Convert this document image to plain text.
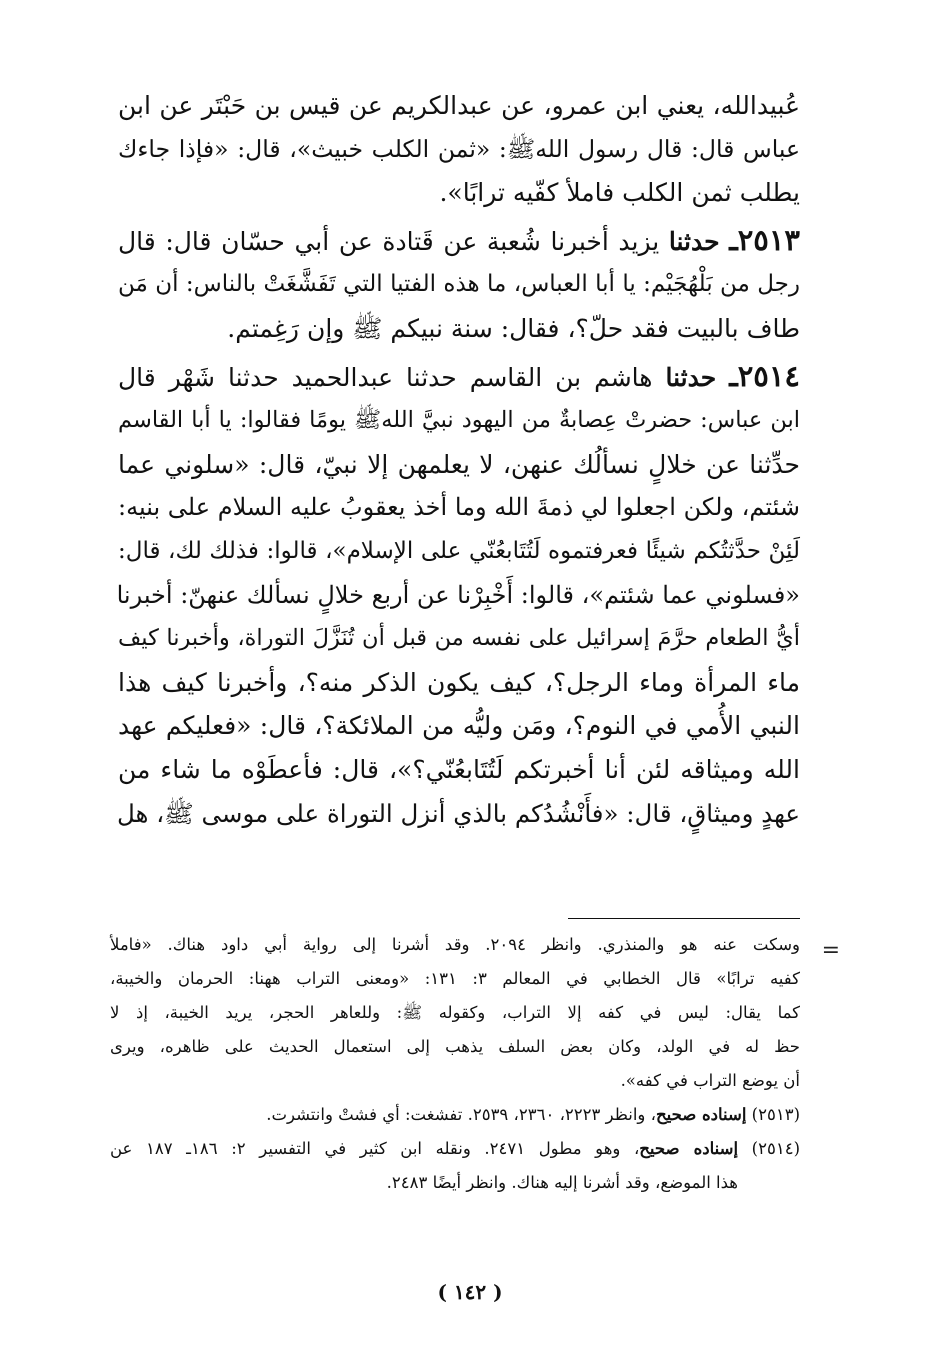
عُبيدالله، يعني ابن عمرو، عن عبدالكريم عن قيس بن حَبْتَر عن ابن
عباس قال: قال رسول اللهﷺ: «ثمن الكلب خبيث»، قال: «فإذا جاءك
يطلب ثمن الكلب فاملأ كفّيه ترابًا».
٢٥١٣ـ حدثنا يزيد أخبرنا شُعبة عن قَتادة عن أبي حسّان قال: قال
رجل من بَلْهُجَيْم: يا أبا العباس، ما هذه الفتيا التي تَفَشَّغَتْ بالناس: أن مَن
طاف بالبيت فقد حلّ؟، فقال: سنة نبيكم ﷺ وإن رَغِمتم.
٢٥١٤ـ حدثنا هاشم بن القاسم حدثنا عبدالحميد حدثنا شَهْر قال
ابن عباس: حضرتْ عِصابةٌ من اليهود نبيَّ اللهﷺ يومًا فقالوا: يا أبا القاسم
حدِّثنا عن خلالٍ نسألُك عنهن، لا يعلمهن إلا نبيّ، قال: «سلوني عما
شئتم، ولكن اجعلوا لي ذمةَ الله وما أخذ يعقوبُ عليه السلام على بنيه:
لَئِنْ حدَّثتُكم شيئًا فعرفتموه لَتُتَابعُنّي على الإسلام»، قالوا: فذلك لك، قال:
«فسلوني عما شئتم»، قالوا: أَخْبِرْنا عن أربع خلالٍ نسألك عنهنّ: أخبرنا
أيُّ الطعام حرَّمَ إسرائيل على نفسه من قبل أن تُنَزَّلَ التوراة، وأخبرنا كيف
ماء المرأة وماء الرجل؟، كيف يكون الذكر منه؟، وأخبرنا كيف هذا
النبي الأُمي في النوم؟، ومَن وليُّه من الملائكة؟، قال: «فعليكم عهد
الله وميثاقه لئن أنا أخبرتكم لَتُتَابعُنّي؟»، قال: فأعطَوْه ما شاء من
عهدٍ وميثاقٍ، قال: «فأَنْشُدُكم بالذي أنزل التوراة على موسى ﷺ، هل
=
وسكت عنه هو والمنذري. وانظر ٢٠٩٤. وقد أشرنا إلى رواية أبي داود هناك. «فاملأ
كفيه ترابًا» قال الخطابي في المعالم ٣: ١٣١: «ومعنى التراب ههنا: الحرمان والخيبة،
كما يقال: ليس في كفه إلا التراب، وكقوله ﷺ: وللعاهر الحجر، يريد الخيبة، إذ لا
حظ له في الولد، وكان بعض السلف يذهب إلى استعمال الحديث على ظاهره، ويرى
أن يوضع التراب في كفه».
(٢٥١٣) إسناده صحيح، وانظر ٢٢٢٣، ٢٣٦٠، ٢٥٣٩. تفشغت: أي فشتْ وانتشرت.
(٢٥١٤) إسناده صحيح، وهو مطول ٢٤٧١. ونقله ابن كثير في التفسير ٢: ١٨٦ـ ١٨٧ عن
هذا الموضع، وقد أشرنا إليه هناك. وانظر أيضًا ٢٤٨٣.
( ١٤٢ )
